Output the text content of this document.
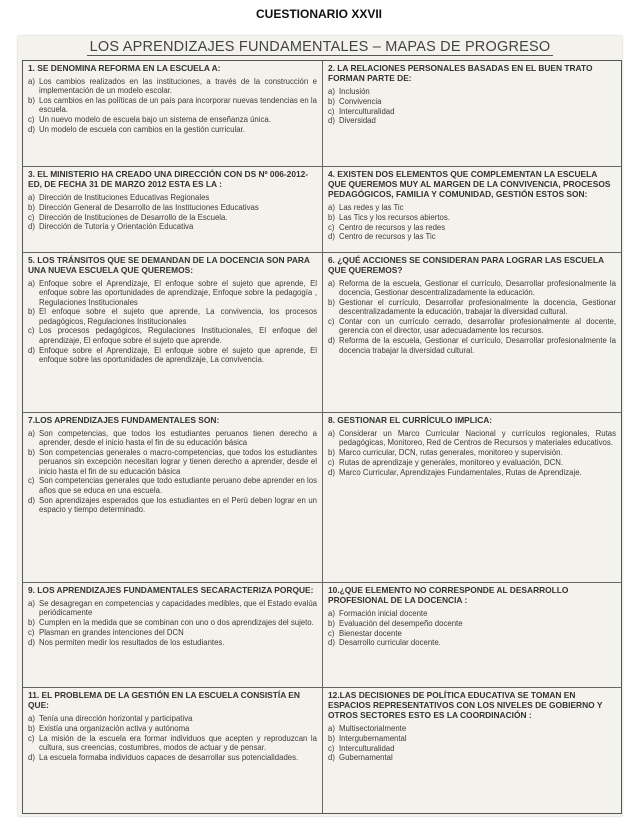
CUESTIONARIO XXVII
LOS APRENDIZAJES FUNDAMENTALES – MAPAS DE PROGRESO
1. SE DENOMINA REFORMA EN LA ESCUELA A:
a) Los cambios realizados en las instituciones, a través de la construcción e implementación de un modelo escolar.
b) Los cambios en las políticas de un país para incorporar nuevas tendencias en la escuela.
c) Un nuevo modelo de escuela bajo un sistema de enseñanza única.
d) Un modelo de escuela con cambios en la gestión curricular.
2. LA RELACIONES PERSONALES BASADAS EN EL BUEN TRATO FORMAN PARTE DE:
a) Inclusión
b) Convivencia
c) Interculturalidad
d) Diversidad
3. EL MINISTERIO HA CREADO UNA DIRECCIÓN CON DS Nº 006-2012-ED, DE FECHA 31 DE MARZO 2012 ESTA ES LA :
a) Dirección de Instituciones Educativas Regionales
b) Dirección General de Desarrollo de las Instituciones Educativas
c) Dirección de Instituciones de Desarrollo de la Escuela.
d) Dirección de Tutoría y Orientación Educativa
4. EXISTEN DOS ELEMENTOS QUE COMPLEMENTAN LA ESCUELA QUE QUEREMOS MUY AL MARGEN DE LA CONVIVENCIA, PROCESOS PEDAGÓGICOS, FAMILIA Y COMUNIDAD, GESTIÓN ESTOS SON:
a) Las redes y las Tic
b) Las Tics y los recursos abiertos.
c) Centro de recursos y las redes
d) Centro de recursos y las Tic
5. LOS TRÁNSITOS QUE SE DEMANDAN DE LA DOCENCIA SON PARA UNA NUEVA ESCUELA QUE QUEREMOS:
a) Enfoque sobre el Aprendizaje, El enfoque sobre el sujeto que aprende, El enfoque sobre las oportunidades de aprendizaje, Enfoque sobre la pedagogía , Regulaciones Institucionales
b) El enfoque sobre el sujeto que aprende, La convivencia, los procesos pedagógicos, Regulaciones Institucionales
c) Los procesos pedagógicos, Regulaciones Institucionales, El enfoque del aprendizaje, El enfoque sobre el sujeto que aprende.
d) Enfoque sobre el Aprendizaje, El enfoque sobre el sujeto que aprende, El enfoque sobre las oportunidades de aprendizaje, La convivencia.
6. ¿QUÉ ACCIONES SE CONSIDERAN PARA LOGRAR LAS ESCUELA QUE QUEREMOS?
a) Reforma de la escuela, Gestionar el currículo, Desarrollar profesionalmente la docencia, Gestionar descentralizadamente la educación.
b) Gestionar el currículo, Desarrollar profesionalmente la docencia, Gestionar descentralizadamente la educación, trabajar la diversidad cultural.
c) Contar con un currículo cerrado, desarrollar profesionalmente al docente, gerencia con el director, usar adecuadamente los recursos.
d) Reforma de la escuela, Gestionar el currículo, Desarrollar profesionalmente la docencia trabajar la diversidad cultural.
7.LOS APRENDIZAJES FUNDAMENTALES SON:
a) Son competencias, que todos los estudiantes peruanos tienen derecho a aprender, desde el inicio hasta el fin de su educación básica
b) Son competencias generales o macro-competencias, que todos los estudiantes peruanos sin excepción necesitan lograr y tienen derecho a aprender, desde el inicio hasta el fin de su educación básica
c) Son competencias generales que todo estudiante peruano debe aprender en los años que se educa en una escuela.
d) Son aprendizajes esperados que los estudiantes en el Perú deben lograr en un espacio y tiempo determinado.
8. GESTIONAR EL CURRÍCULO IMPLICA:
a) Considerar un Marco Curricular Nacional y currículos regionales, Rutas pedagógicas, Monitoreo, Red de Centros de Recursos y materiales educativos.
b) Marco curricular, DCN, rutas generales, monitoreo y supervisión.
c) Rutas de aprendizaje y generales, monitoreo y evaluación, DCN.
d) Marco Curricular, Aprendizajes Fundamentales, Rutas de Aprendizaje.
9. LOS APRENDIZAJES FUNDAMENTALES SECARACTERIZA PORQUE:
a) Se desagregan en competencias y capacidades medibles, que el Estado evalúa periódicamente
b) Cumplen en la medida que se combinan con uno o dos aprendizajes del sujeto.
c) Plasman en grandes intenciones del DCN
d) Nos permiten medir los resultados de los estudiantes.
10.¿QUE ELEMENTO NO CORRESPONDE AL DESARROLLO PROFESIONAL DE LA DOCENCIA :
a) Formación inicial docente
b) Evaluación del desempeño docente
c) Bienestar docente
d) Desarrollo curricular docente.
11. EL PROBLEMA DE LA GESTIÓN EN LA ESCUELA CONSISTÍA EN QUE:
a) Tenía una dirección horizontal y participativa
b) Existía una organización activa y autónoma
c) La misión de la escuela era formar individuos que acepten y reproduzcan la cultura, sus creencias, costumbres, modos de actuar y de pensar.
d) La escuela formaba individuos capaces de desarrollar sus potencialidades.
12.LAS DECISIONES DE POLÍTICA EDUCATIVA SE TOMAN EN ESPACIOS REPRESENTATIVOS CON LOS NIVELES DE GOBIERNO Y OTROS SECTORES ESTO ES LA COORDINACIÓN :
a) Multisectorialmente
b) Intergubernamental
c) Interculturalidad
d) Gubernamental
